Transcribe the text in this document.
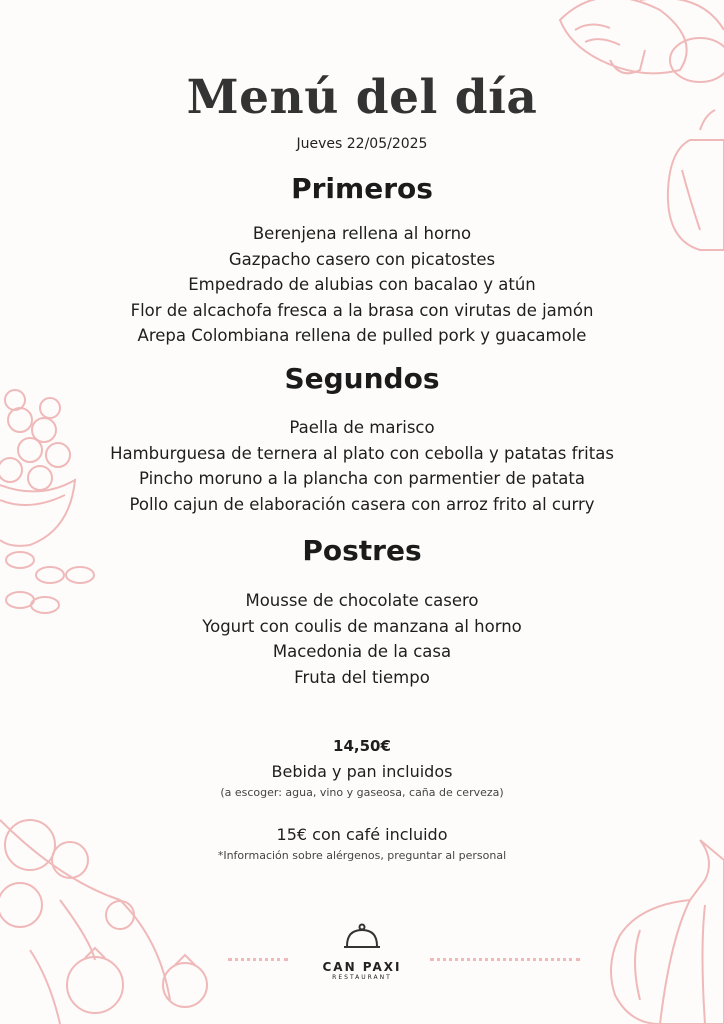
Menú del día
Jueves 22/05/2025
Primeros
Berenjena rellena al horno
Gazpacho casero con picatostes
Empedrado de alubias con bacalao y atún
Flor de alcachofa fresca a la brasa con virutas de jamón
Arepa Colombiana rellena de pulled pork y guacamole
Segundos
Paella de marisco
Hamburguesa de ternera al plato con cebolla y patatas fritas
Pincho moruno a la plancha con parmentier de patata
Pollo cajun de elaboración casera con arroz frito al curry
Postres
Mousse de chocolate casero
Yogurt con coulis de manzana al horno
Macedonia de la casa
Fruta del tiempo
14,50€
Bebida y pan incluidos
(a escoger: agua, vino y gaseosa, caña de cerveza)
15€ con café incluido
*Información sobre alérgenos, preguntar al personal
CAN PAXI
RESTAURANT
